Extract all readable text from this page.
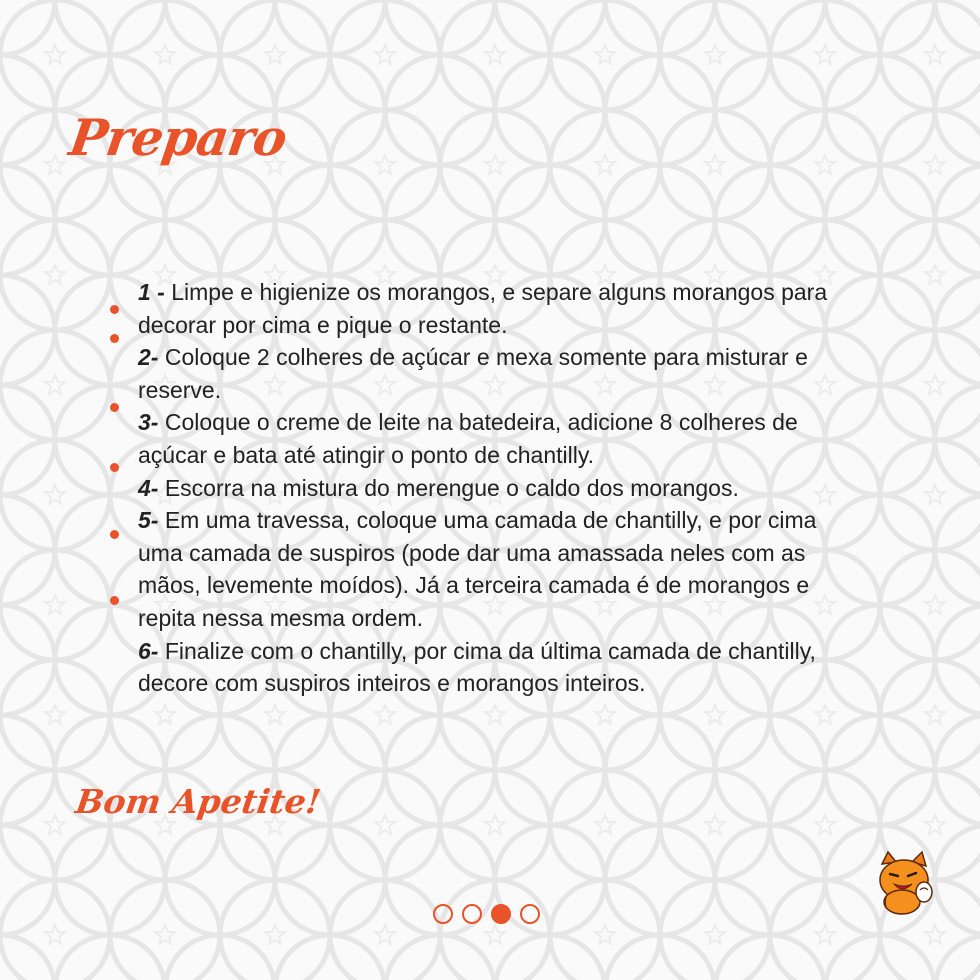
Preparo

1 - Limpe e higienize os morangos, e separe alguns morangos para decorar por cima e pique o restante.

2- Coloque 2 colheres de açúcar e mexa somente para misturar e reserve.

3- Coloque o creme de leite na batedeira, adicione 8 colheres de açúcar e bata até atingir o ponto de chantilly.

4- Escorra na mistura do merengue o caldo dos morangos.

5- Em uma travessa, coloque uma camada de chantilly, e por cima uma camada de suspiros (pode dar uma amassada neles com as mãos, levemente moídos). Já a terceira camada é de morangos e repita nessa mesma ordem.

6- Finalize com o chantilly, por cima da última camada de chantilly, decore com suspiros inteiros e morangos inteiros.

Bom Apetite!
